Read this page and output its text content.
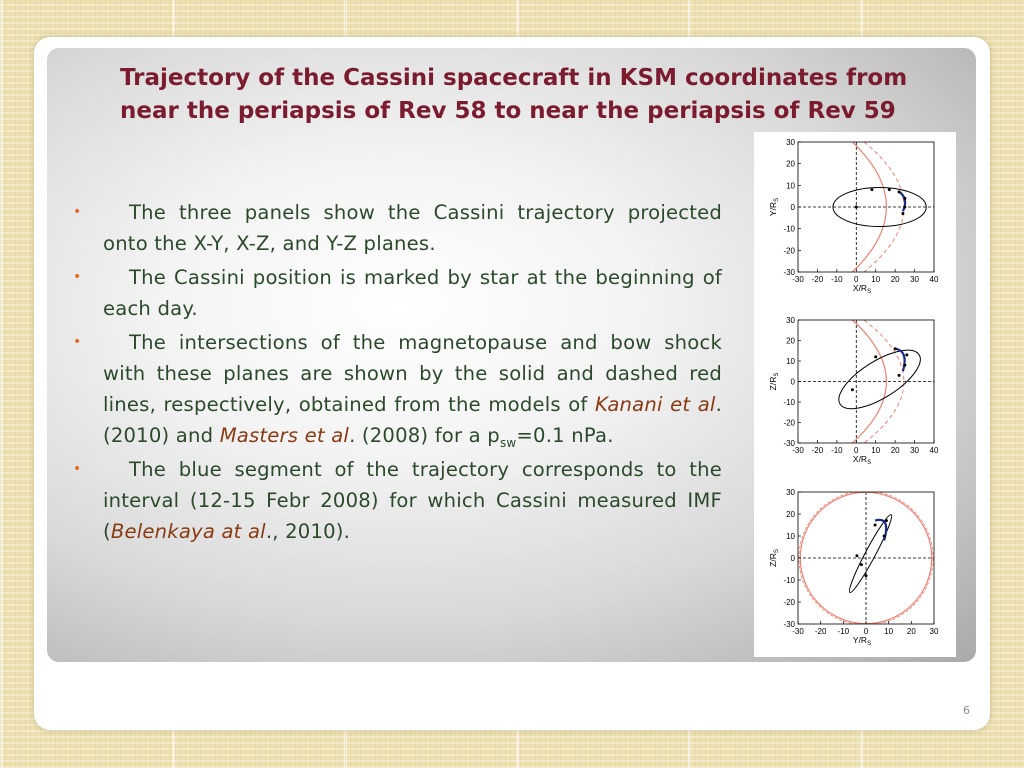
Trajectory of the Cassini spacecraft in KSM coordinates from near the periapsis of Rev 58 to near the periapsis of Rev 59
• The three panels show the Cassini trajectory projected onto the X-Y, X-Z, and Y-Z planes.
• The Cassini position is marked by star at the beginning of each day.
• The intersections of the magnetopause and bow shock with these planes are shown by the solid and dashed red lines, respectively, obtained from the models of Kanani et al. (2010) and Masters et al. (2008) for a $p_{sw}=0.1$ nPa.
• The blue segment of the trajectory corresponds to the interval (12-15 Febr 2008) for which Cassini measured IMF (Belenkaya at al., 2010).
-30 -20 -10 0 10 20 30 40
30
20
10
0
-10
-20
-30
$X/R_S$
$Y/R_S$
-30 -20 -10 0 10 20 30 40
30
20
10
0
-10
-20
-30
$X/R_S$
$Z/R_S$
-30 -20 -10 0 10 20 30
30
20
10
0
-10
-20
-30
$Y/R_S$
$Z/R_S$
6
